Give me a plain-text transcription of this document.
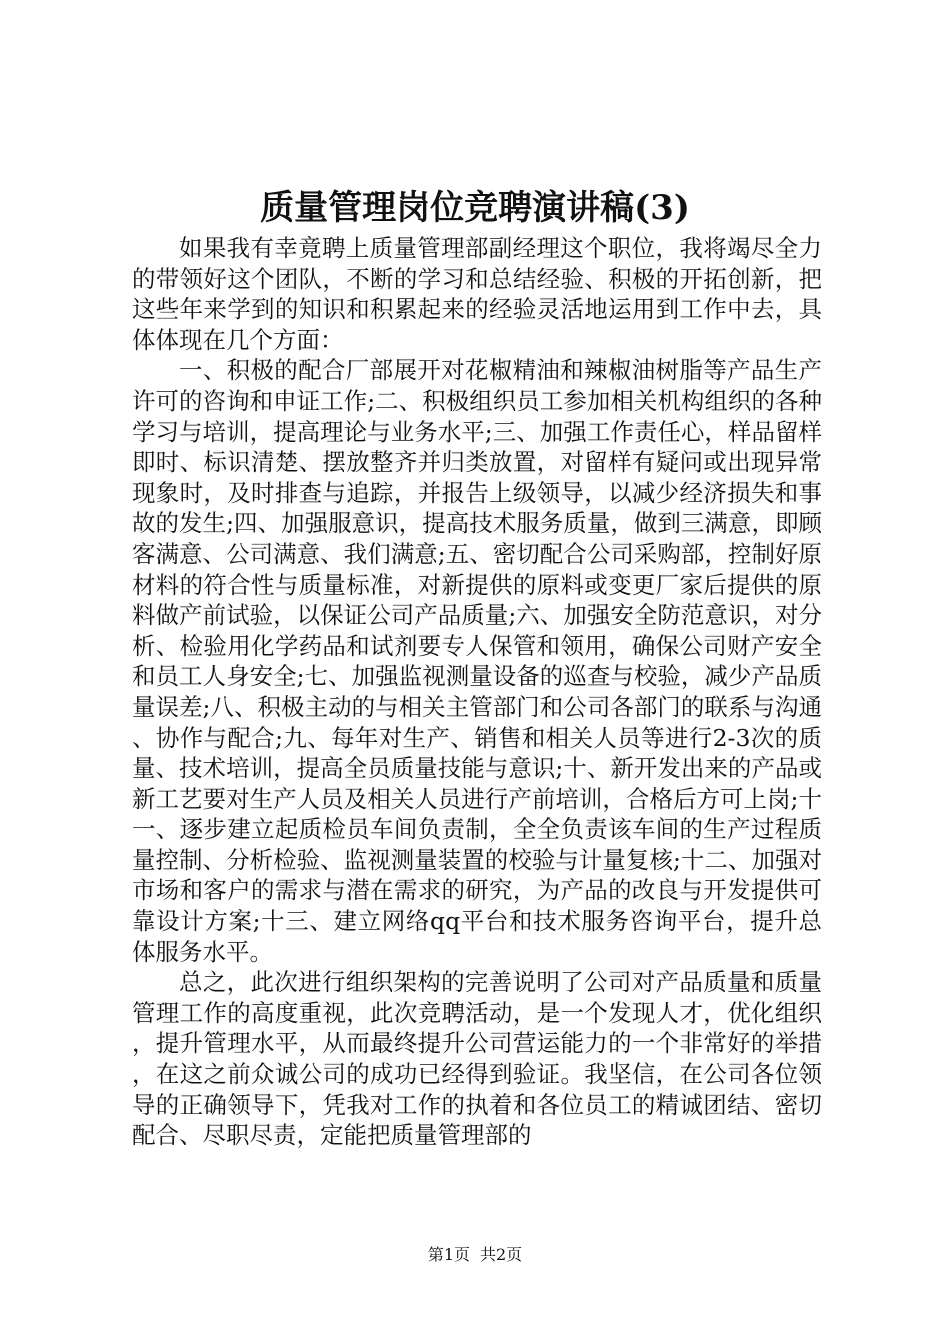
质量管理岗位竞聘演讲稿(3)

如果我有幸竟聘上质量管理部副经理这个职位，我将竭尽全力的带领好这个团队，不断的学习和总结经验、积极的开拓创新，把这些年来学到的知识和积累起来的经验灵活地运用到工作中去，具体体现在几个方面：

一、积极的配合厂部展开对花椒精油和辣椒油树脂等产品生产许可的咨询和申证工作;二、积极组织员工参加相关机构组织的各种学习与培训，提高理论与业务水平;三、加强工作责任心，样品留样即时、标识清楚、摆放整齐并归类放置，对留样有疑问或出现异常现象时，及时排查与追踪，并报告上级领导，以减少经济损失和事故的发生;四、加强服意识，提高技术服务质量，做到三满意，即顾客满意、公司满意、我们满意;五、密切配合公司采购部，控制好原材料的符合性与质量标准，对新提供的原料或变更厂家后提供的原料做产前试验，以保证公司产品质量;六、加强安全防范意识，对分析、检验用化学药品和试剂要专人保管和领用，确保公司财产安全和员工人身安全;七、加强监视测量设备的巡查与校验，减少产品质量误差;八、积极主动的与相关主管部门和公司各部门的联系与沟通、协作与配合;九、每年对生产、销售和相关人员等进行2-3次的质量、技术培训，提高全员质量技能与意识;十、新开发出来的产品或新工艺要对生产人员及相关人员进行产前培训，合格后方可上岗;十一、逐步建立起质检员车间负责制，全全负责该车间的生产过程质量控制、分析检验、监视测量装置的校验与计量复核;十二、加强对市场和客户的需求与潜在需求的研究，为产品的改良与开发提供可靠设计方案;十三、建立网络qq平台和技术服务咨询平台，提升总体服务水平。

总之，此次进行组织架构的完善说明了公司对产品质量和质量管理工作的高度重视，此次竞聘活动，是一个发现人才，优化组织，提升管理水平，从而最终提升公司营运能力的一个非常好的举措，在这之前众诚公司的成功已经得到验证。我坚信，在公司各位领导的正确领导下，凭我对工作的执着和各位员工的精诚团结、密切配合、尽职尽责，定能把质量管理部的

第1页 共2页
